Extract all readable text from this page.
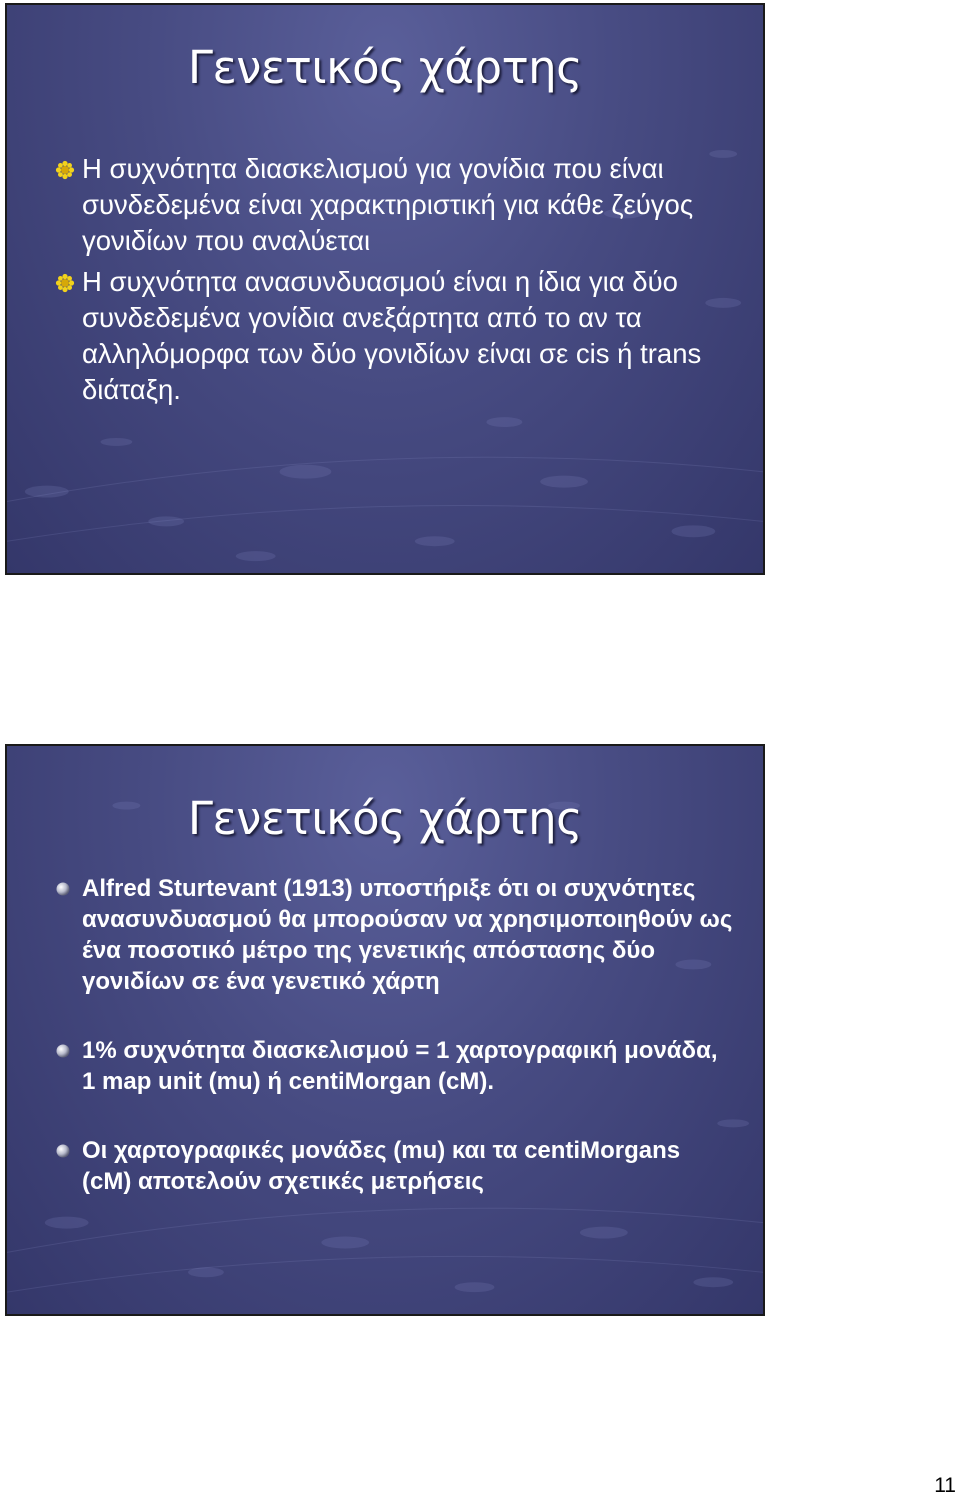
Γενετικός χάρτης
Η συχνότητα διασκελισμού για γονίδια που είναι συνδεδεμένα είναι χαρακτηριστική για κάθε ζεύγος γονιδίων που αναλύεται
Η συχνότητα ανασυνδυασμού είναι η ίδια για δύο συνδεδεμένα γονίδια ανεξάρτητα από το αν τα αλληλόμορφα των δύο γονιδίων είναι σε cis ή trans διάταξη.
Γενετικός χάρτης
Alfred Sturtevant (1913) υποστήριξε ότι οι συχνότητες ανασυνδυασμού θα μπορούσαν να χρησιμοποιηθούν ως ένα ποσοτικό μέτρο της γενετικής απόστασης δύο γονιδίων σε ένα γενετικό χάρτη
1% συχνότητα διασκελισμού = 1 χαρτογραφική μονάδα, 1 map unit (mu) ή centiMorgan (cM).
Οι χαρτογραφικές μονάδες (mu) και τα centiMorgans (cM) αποτελούν σχετικές μετρήσεις
11
